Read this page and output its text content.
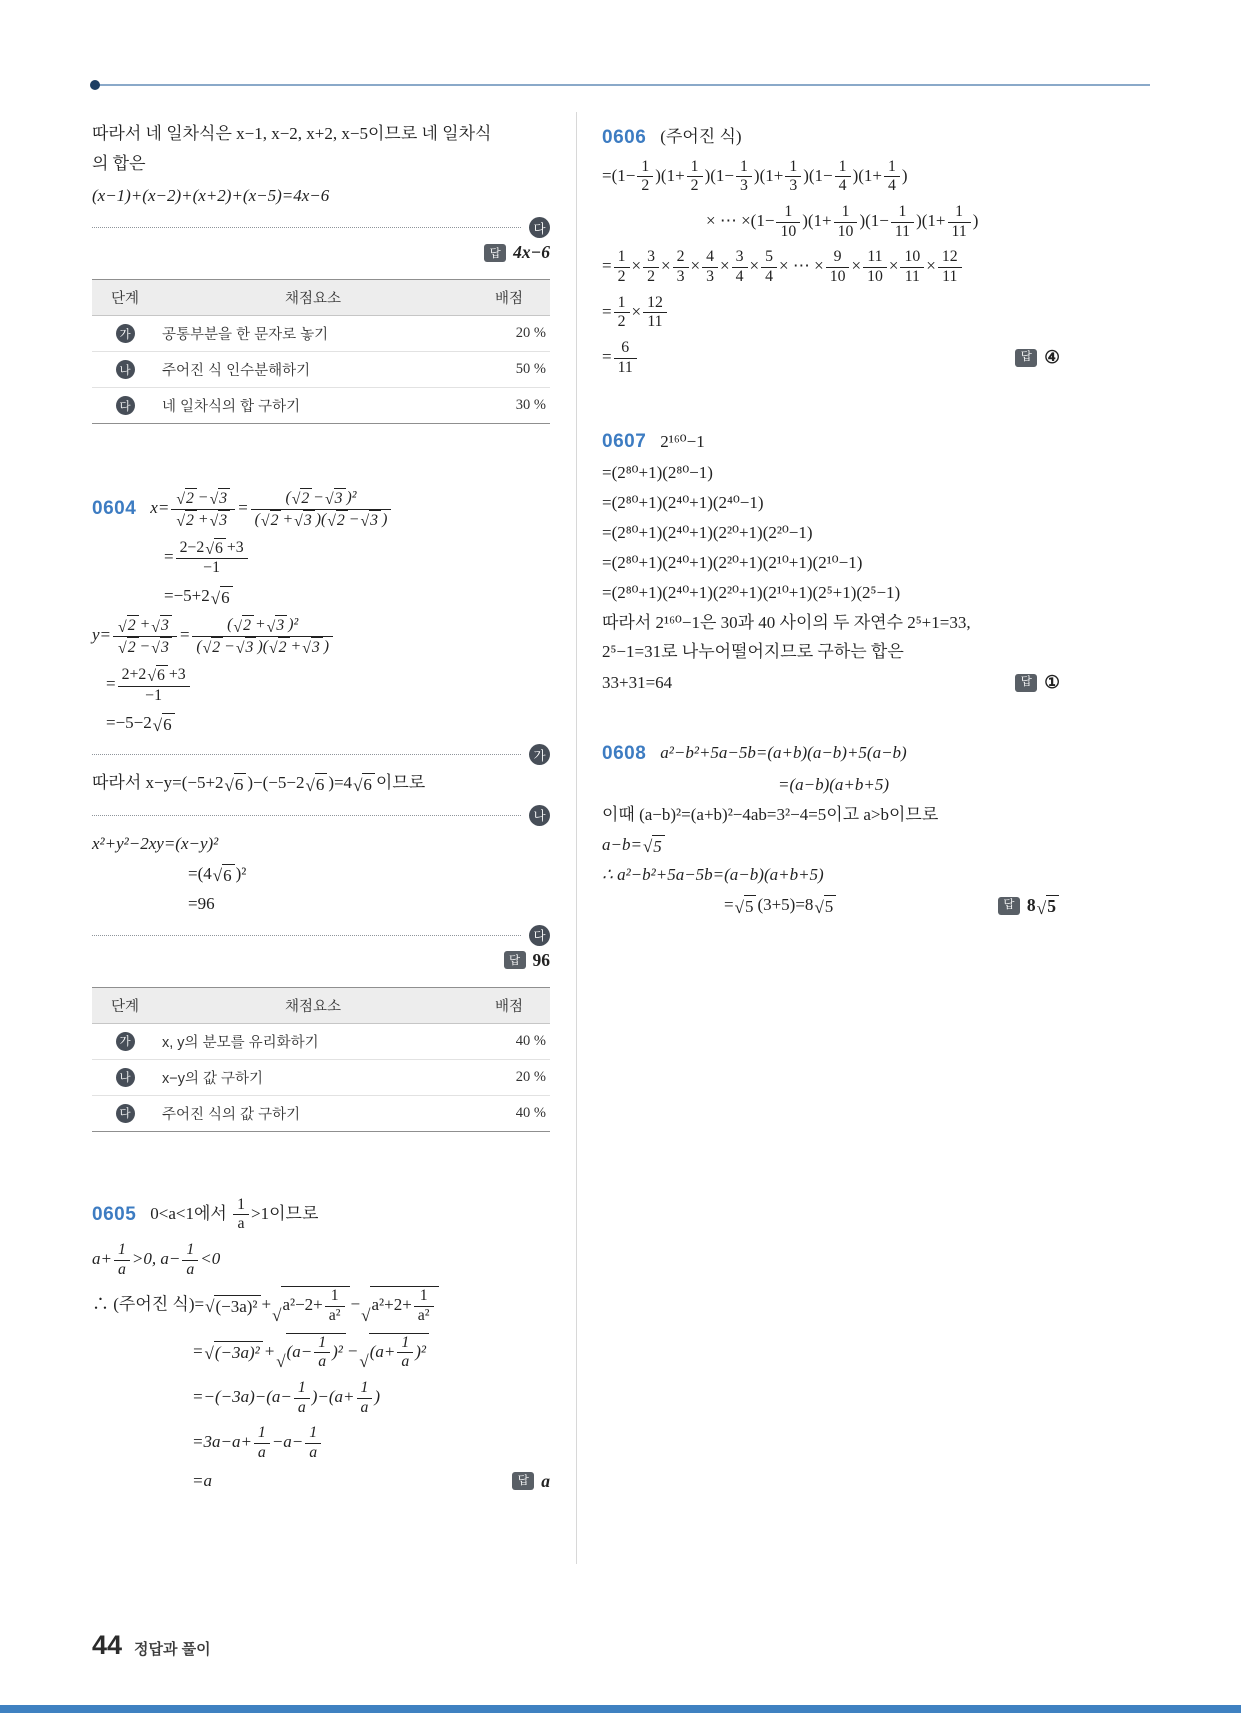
따라서 네 일차식은 x−1, x−2, x+2, x−5이므로 네 일차식

의 합은

(x−1)+(x−2)+(x+2)+(x−5)=4x−6
다
답 4x−6
단계	채점요소	배점
가	공통부분을 한 문자로 놓기	20 %
나	주어진 식 인수분해하기	50 %
다	네 일차식의 합 구하기	30 %
0604 $x= \frac{√ 2 - √ 3}{√ 2 + √ 3} = \frac{\text{( √ 2 − √ 3 )²}}{( √ 2 + √ 3 )( √ 2 - √ 3 )}$
= $\frac{2-2 √ 6 +3}{-1}$
=−5+2 √ 6
$y= \frac{√ 2 + √ 3}{√ 2 - √ 3} = \frac{\text{( √ 2 + √ 3 )²}}{( √ 2 - √ 3 )( √ 2 + √ 3 )}$
= $\frac{2+2 √ 6 +3}{-1}$
=−5−2 √ 6
가
따라서 x−y=(−5+2 √ 6 )−(−5−2 √ 6 )=4 √ 6 이므로
나
x²+y²−2xy=(x−y)²
=(4 √ 6 )²
=96
다
답 96
단계	채점요소	배점
가	x, y의 분모를 유리화하기	40 %
나	x−y의 값 구하기	20 %
다	주어진 식의 값 구하기	40 %
0605 0<a<1에서 $\frac{1}{a} >1$이므로
$a+ \frac{1}{a} >0$, $a- \frac{1}{a} <0$
∴ (주어진 식)= √ (−3a)² +
√
$a^2-2+ \frac{1}{\text{a²}}$ −
√
$a^2+2+ \frac{1}{\text{a²}}$
= √ (−3a)² +
√
$(a- \frac{1}{a} )^2$ −
√
$(a+ \frac{1}{a} )^2$
$=-(-3a)-(a- \frac{1}{a} )-(a+ \frac{1}{a}$ )
$=3a-a+ \frac{1}{a} -a- \frac{1}{a}$
=a	답 a
0606 (주어진 식)
$=(1- \frac{1}{2} )(1+ \frac{1}{2} )(1- \frac{1}{3} )(1+ \frac{1}{3} )(1- \frac{1}{4} )(1+ \frac{1}{4}$ )
× ⋯ $\times(1- \frac{1}{10} )(1+ \frac{1}{10} )(1- \frac{1}{11} )(1+ \frac{1}{11}$ )
= $\frac{1}{2} \times \frac{3}{2} \times \frac{2}{3} \times \frac{4}{3} \times \frac{3}{4} \times \frac{5}{4}$ × ⋯ × $\frac{9}{10} \times \frac{11}{10} \times \frac{10}{11} \times \frac{12}{11}$
= $\frac{1}{2} \times \frac{12}{11}$
= $\frac{6}{11}$	답 ④
0607 2¹⁶⁰−1
=(2⁸⁰+1)(2⁸⁰−1)
=(2⁸⁰+1)(2⁴⁰+1)(2⁴⁰−1)
=(2⁸⁰+1)(2⁴⁰+1)(2²⁰+1)(2²⁰−1)
=(2⁸⁰+1)(2⁴⁰+1)(2²⁰+1)(2¹⁰+1)(2¹⁰−1)
=(2⁸⁰+1)(2⁴⁰+1)(2²⁰+1)(2¹⁰+1)(2⁵+1)(2⁵−1)
따라서 2¹⁶⁰−1은 30과 40 사이의 두 자연수 2⁵+1=33,
2⁵−1=31로 나누어떨어지므로 구하는 합은
33+31=64	답 ①
0608 a²−b²+5a−5b=(a+b)(a−b)+5(a−b)
=(a−b)(a+b+5)
이때 (a−b)²=(a+b)²−4ab=3²−4=5이고 a>b이므로
a−b= √ 5
∴ a²−b²+5a−5b=(a−b)(a+b+5)
= √ 5 (3+5)=8 √ 5	답 8 √ 5
44 정답과 풀이
